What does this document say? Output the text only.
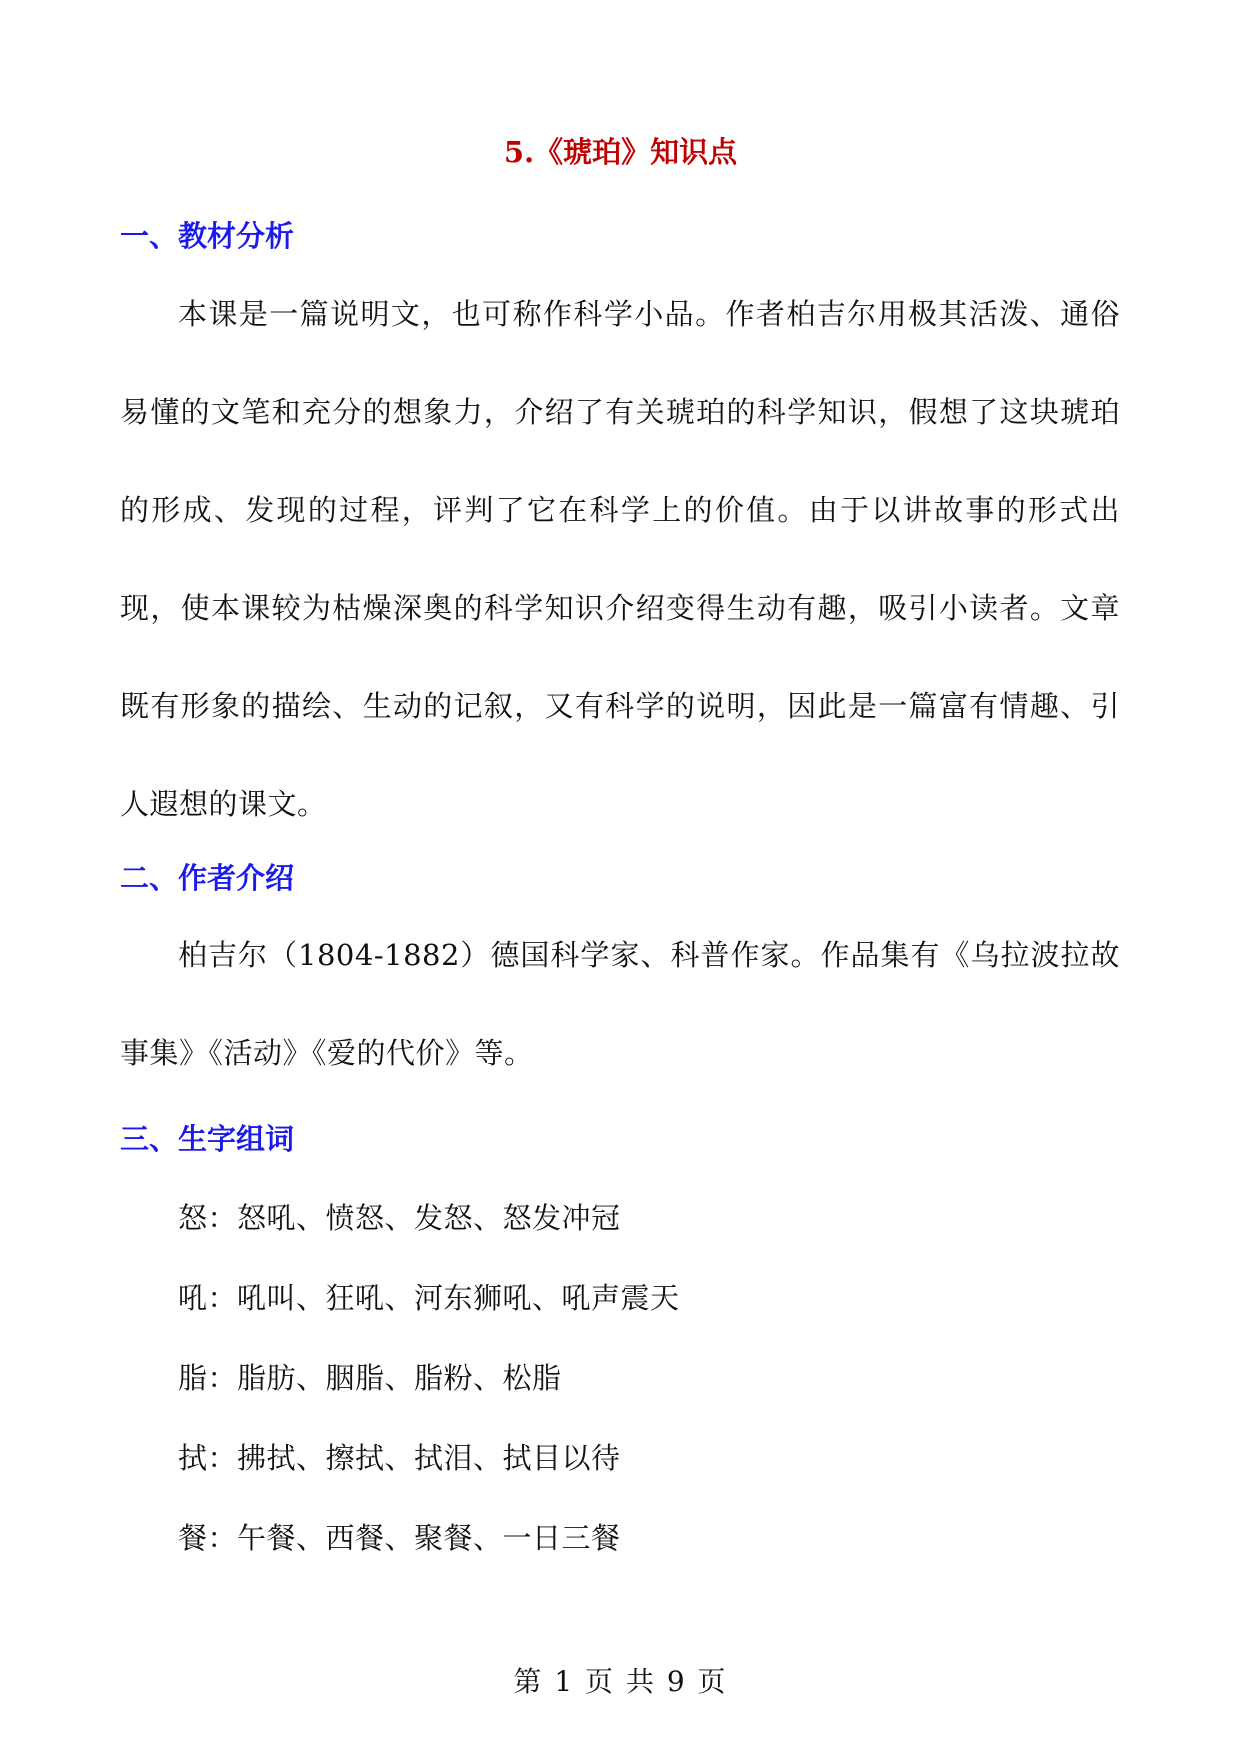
5.《琥珀》知识点
一、教材分析

本课是一篇说明文，也可称作科学小品。作者柏吉尔用极其活泼、通俗易懂的文笔和充分的想象力，介绍了有关琥珀的科学知识，假想了这块琥珀的形成、发现的过程，评判了它在科学上的价值。由于以讲故事的形式出现，使本课较为枯燥深奥的科学知识介绍变得生动有趣，吸引小读者。文章既有形象的描绘、生动的记叙，又有科学的说明，因此是一篇富有情趣、引人遐想的课文。

二、作者介绍

柏吉尔（1804-1882）德国科学家、科普作家。作品集有《乌拉波拉故事集》《活动》《爱的代价》等。

三、生字组词

怒：怒吼、愤怒、发怒、怒发冲冠

吼：吼叫、狂吼、河东狮吼、吼声震天

脂：脂肪、胭脂、脂粉、松脂

拭：拂拭、擦拭、拭泪、拭目以待

餐：午餐、西餐、聚餐、一日三餐

第 1 页 共 9 页
